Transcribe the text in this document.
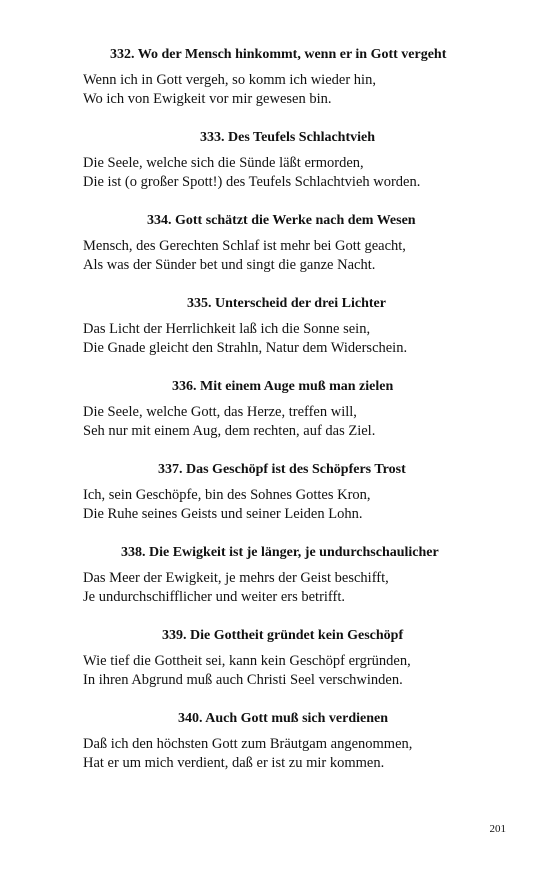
332. Wo der Mensch hinkommt, wenn er in Gott vergeht
Wenn ich in Gott vergeh, so komm ich wieder hin,
Wo ich von Ewigkeit vor mir gewesen bin.
333. Des Teufels Schlachtvieh
Die Seele, welche sich die Sünde läßt ermorden,
Die ist (o großer Spott!) des Teufels Schlachtvieh worden.
334. Gott schätzt die Werke nach dem Wesen
Mensch, des Gerechten Schlaf ist mehr bei Gott geacht,
Als was der Sünder bet und singt die ganze Nacht.
335. Unterscheid der drei Lichter
Das Licht der Herrlichkeit laß ich die Sonne sein,
Die Gnade gleicht den Strahln, Natur dem Widerschein.
336. Mit einem Auge muß man zielen
Die Seele, welche Gott, das Herze, treffen will,
Seh nur mit einem Aug, dem rechten, auf das Ziel.
337. Das Geschöpf ist des Schöpfers Trost
Ich, sein Geschöpfe, bin des Sohnes Gottes Kron,
Die Ruhe seines Geists und seiner Leiden Lohn.
338. Die Ewigkeit ist je länger, je undurchschaulicher
Das Meer der Ewigkeit, je mehrs der Geist beschifft,
Je undurchschifflicher und weiter ers betrifft.
339. Die Gottheit gründet kein Geschöpf
Wie tief die Gottheit sei, kann kein Geschöpf ergründen,
In ihren Abgrund muß auch Christi Seel verschwinden.
340. Auch Gott muß sich verdienen
Daß ich den höchsten Gott zum Bräutgam angenommen,
Hat er um mich verdient, daß er ist zu mir kommen.
201
